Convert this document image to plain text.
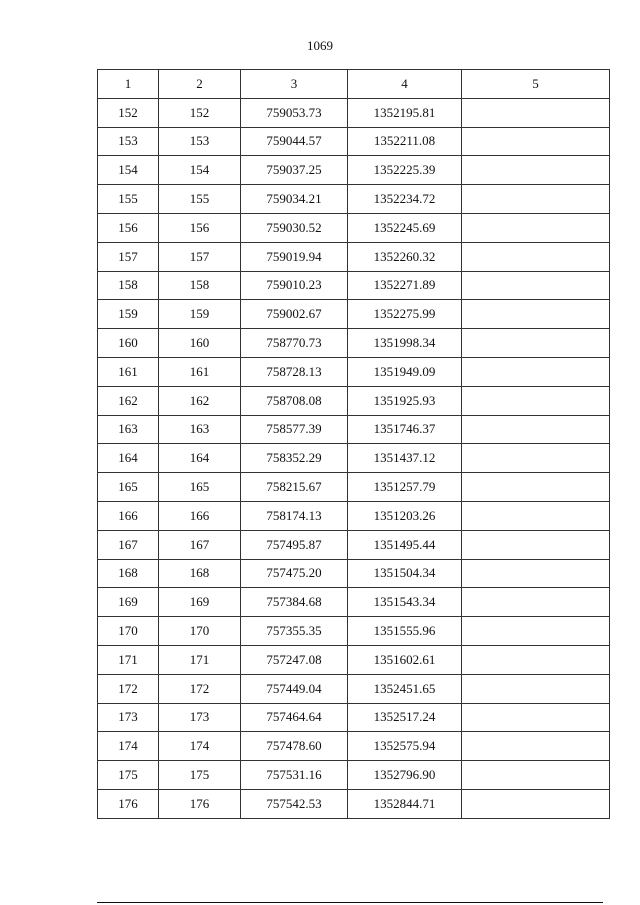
1069
1	2	3	4	5
152	152	759053.73	1352195.81	
153	153	759044.57	1352211.08	
154	154	759037.25	1352225.39	
155	155	759034.21	1352234.72	
156	156	759030.52	1352245.69	
157	157	759019.94	1352260.32	
158	158	759010.23	1352271.89	
159	159	759002.67	1352275.99	
160	160	758770.73	1351998.34	
161	161	758728.13	1351949.09	
162	162	758708.08	1351925.93	
163	163	758577.39	1351746.37	
164	164	758352.29	1351437.12	
165	165	758215.67	1351257.79	
166	166	758174.13	1351203.26	
167	167	757495.87	1351495.44	
168	168	757475.20	1351504.34	
169	169	757384.68	1351543.34	
170	170	757355.35	1351555.96	
171	171	757247.08	1351602.61	
172	172	757449.04	1352451.65	
173	173	757464.64	1352517.24	
174	174	757478.60	1352575.94	
175	175	757531.16	1352796.90	
176	176	757542.53	1352844.71	
